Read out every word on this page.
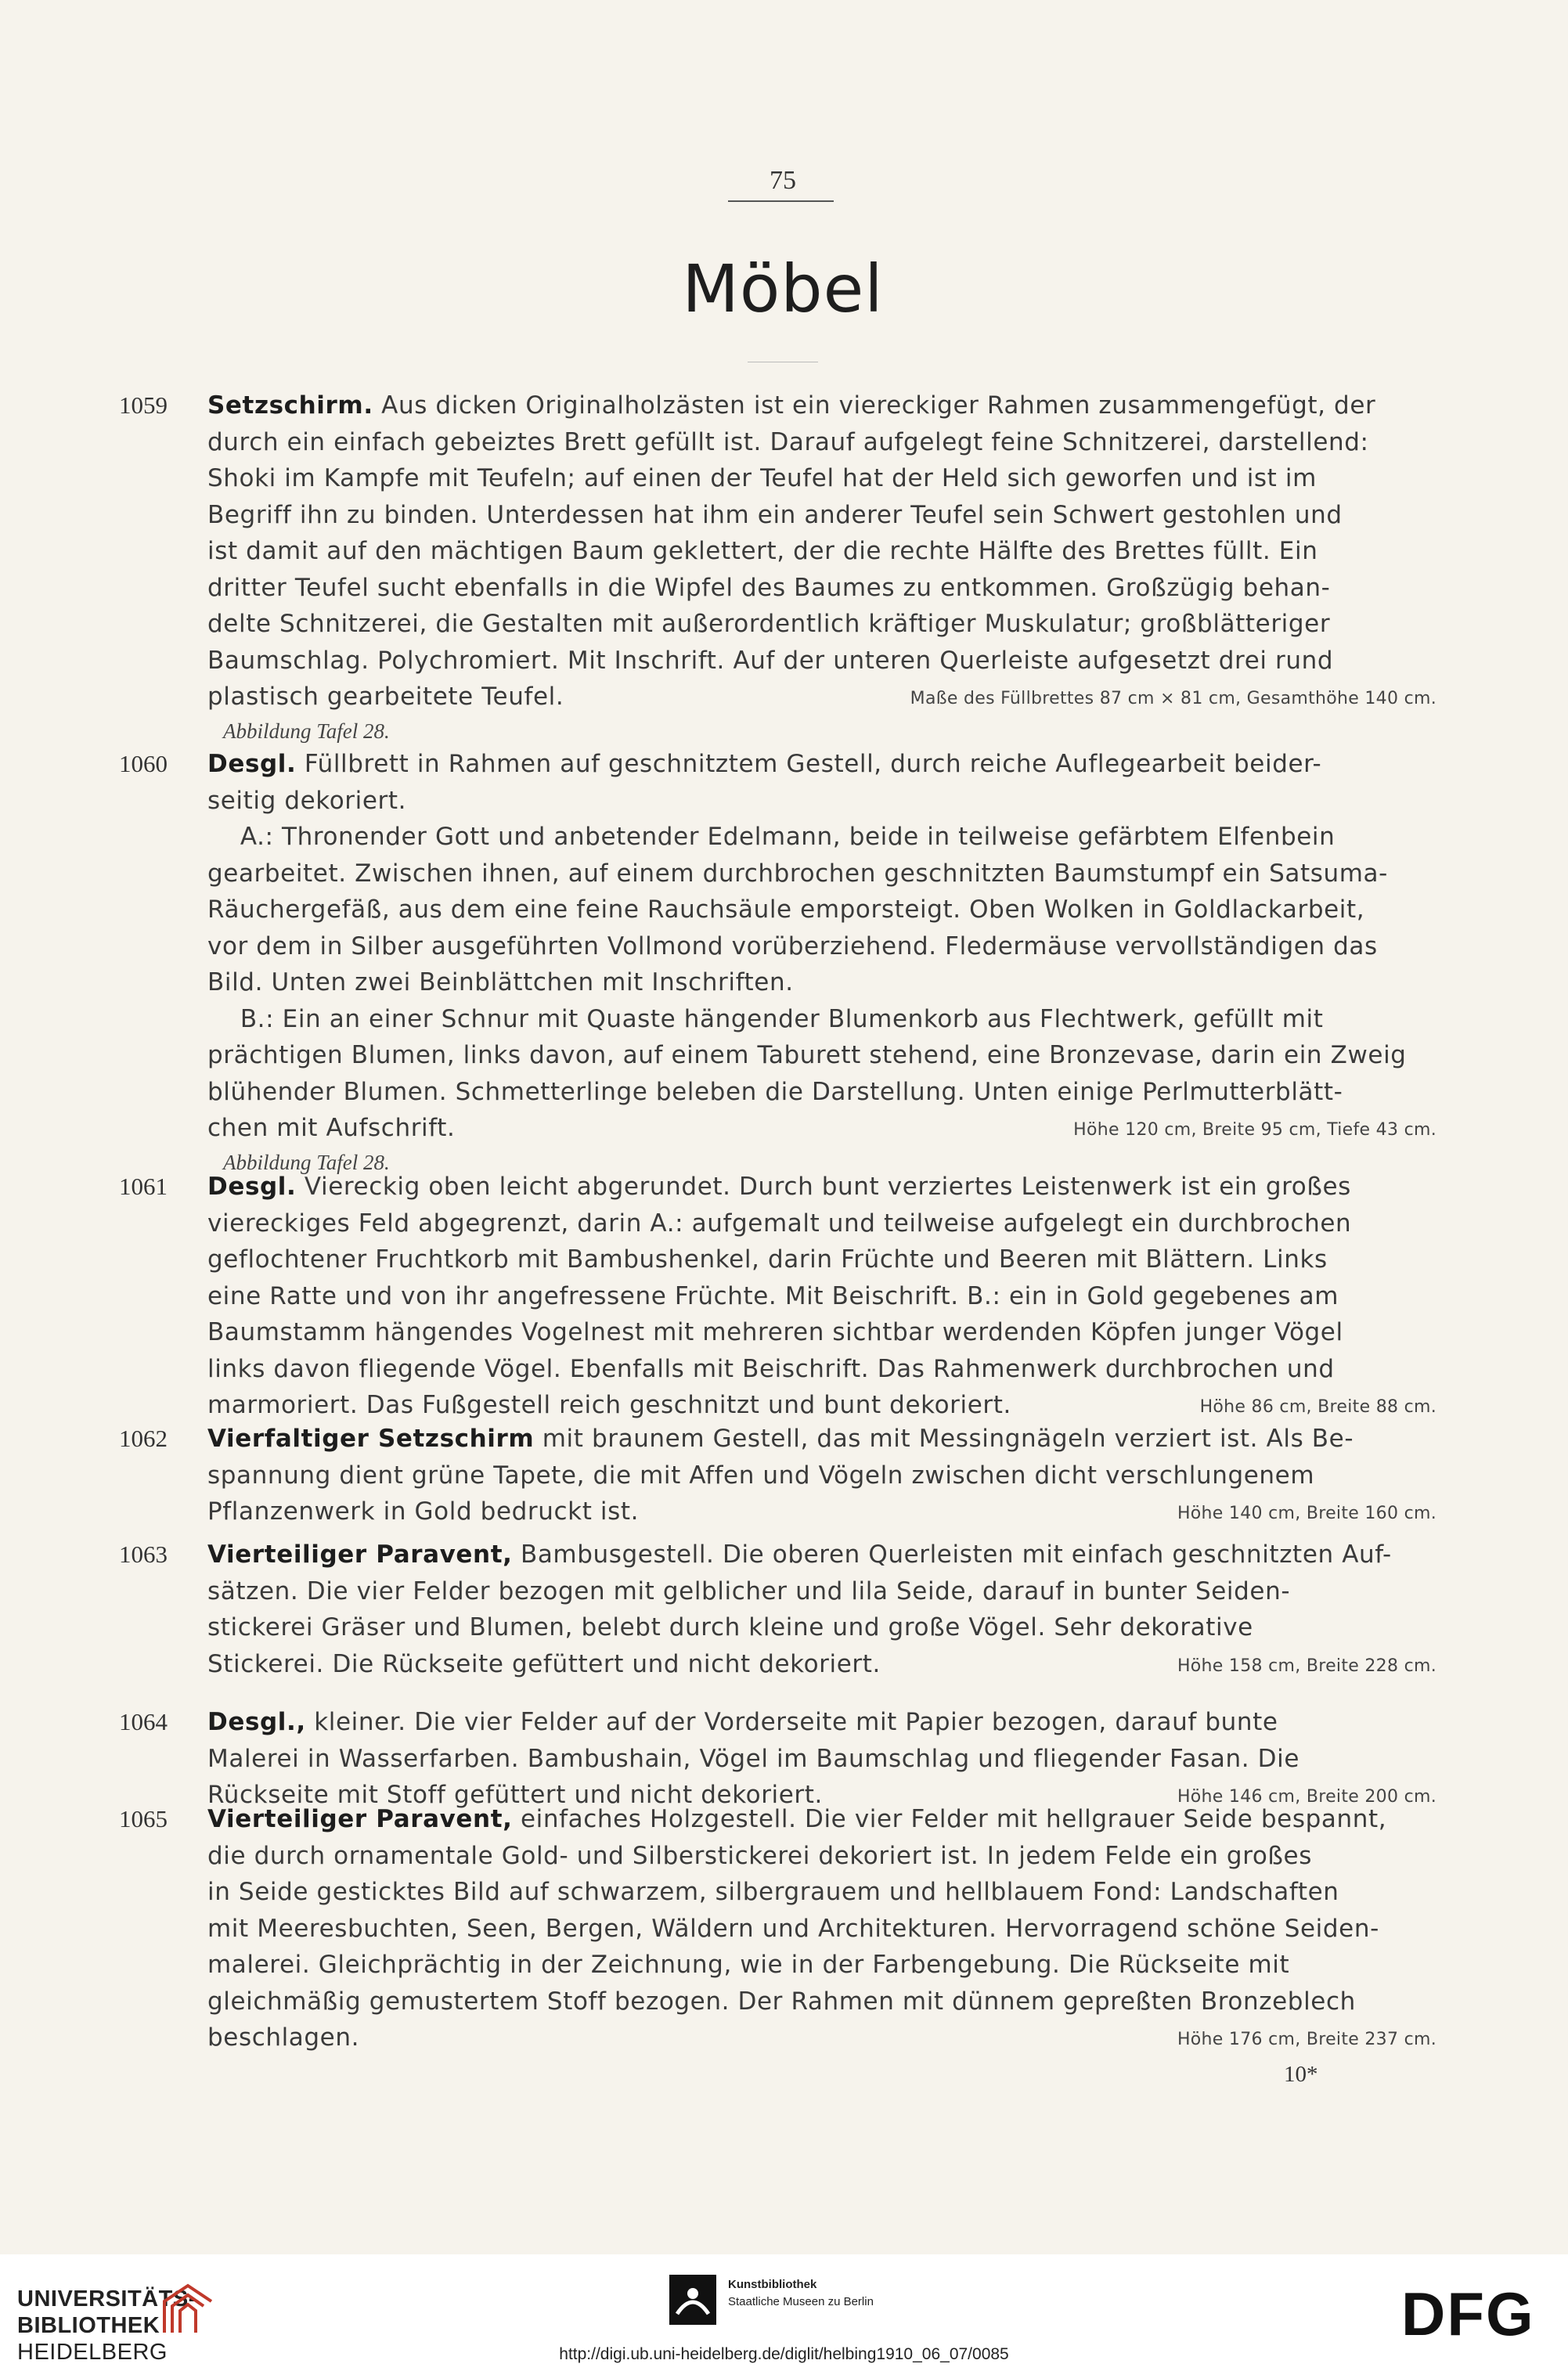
75
Möbel
1059	Setzschirm. Aus dicken Originalholzästen ist ein viereckiger Rahmen zusammengefügt, der
durch ein einfach gebeiztes Brett gefüllt ist. Darauf aufgelegt feine Schnitzerei, darstellend:
Shoki im Kampfe mit Teufeln; auf einen der Teufel hat der Held sich geworfen und ist im
Begriff ihn zu binden. Unterdessen hat ihm ein anderer Teufel sein Schwert gestohlen und
ist damit auf den mächtigen Baum geklettert, der die rechte Hälfte des Brettes füllt. Ein
dritter Teufel sucht ebenfalls in die Wipfel des Baumes zu entkommen. Großzügig behan-
delte Schnitzerei, die Gestalten mit außerordentlich kräftiger Muskulatur; großblätteriger
Baumschlag. Polychromiert. Mit Inschrift. Auf der unteren Querleiste aufgesetzt drei rund
plastisch gearbeitete Teufel.	Maße des Füllbrettes 87 cm × 81 cm, Gesamthöhe 140 cm.
Abbildung Tafel 28.
1060	Desgl. Füllbrett in Rahmen auf geschnitztem Gestell, durch reiche Auflegearbeit beider-
seitig dekoriert.
A.: Thronender Gott und anbetender Edelmann, beide in teilweise gefärbtem Elfenbein
gearbeitet. Zwischen ihnen, auf einem durchbrochen geschnitzten Baumstumpf ein Satsuma-
Räuchergefäß, aus dem eine feine Rauchsäule emporsteigt. Oben Wolken in Goldlackarbeit,
vor dem in Silber ausgeführten Vollmond vorüberziehend. Fledermäuse vervollständigen das
Bild. Unten zwei Beinblättchen mit Inschriften.
B.: Ein an einer Schnur mit Quaste hängender Blumenkorb aus Flechtwerk, gefüllt mit
prächtigen Blumen, links davon, auf einem Taburett stehend, eine Bronzevase, darin ein Zweig
blühender Blumen. Schmetterlinge beleben die Darstellung. Unten einige Perlmutterblätt-
chen mit Aufschrift.	Höhe 120 cm, Breite 95 cm, Tiefe 43 cm.
Abbildung Tafel 28.
1061	Desgl. Viereckig oben leicht abgerundet. Durch bunt verziertes Leistenwerk ist ein großes
viereckiges Feld abgegrenzt, darin A.: aufgemalt und teilweise aufgelegt ein durchbrochen
geflochtener Fruchtkorb mit Bambushenkel, darin Früchte und Beeren mit Blättern. Links
eine Ratte und von ihr angefressene Früchte. Mit Beischrift. B.: ein in Gold gegebenes am
Baumstamm hängendes Vogelnest mit mehreren sichtbar werdenden Köpfen junger Vögel
links davon fliegende Vögel. Ebenfalls mit Beischrift. Das Rahmenwerk durchbrochen und
marmoriert. Das Fußgestell reich geschnitzt und bunt dekoriert.	Höhe 86 cm, Breite 88 cm.
1062	Vierfaltiger Setzschirm mit braunem Gestell, das mit Messingnägeln verziert ist. Als Be-
spannung dient grüne Tapete, die mit Affen und Vögeln zwischen dicht verschlungenem
Pflanzenwerk in Gold bedruckt ist.	Höhe 140 cm, Breite 160 cm.
1063	Vierteiliger Paravent, Bambusgestell. Die oberen Querleisten mit einfach geschnitzten Auf-
sätzen. Die vier Felder bezogen mit gelblicher und lila Seide, darauf in bunter Seiden-
stickerei Gräser und Blumen, belebt durch kleine und große Vögel. Sehr dekorative
Stickerei. Die Rückseite gefüttert und nicht dekoriert.	Höhe 158 cm, Breite 228 cm.
1064	Desgl., kleiner. Die vier Felder auf der Vorderseite mit Papier bezogen, darauf bunte
Malerei in Wasserfarben. Bambushain, Vögel im Baumschlag und fliegender Fasan. Die
Rückseite mit Stoff gefüttert und nicht dekoriert.	Höhe 146 cm, Breite 200 cm.
1065	Vierteiliger Paravent, einfaches Holzgestell. Die vier Felder mit hellgrauer Seide bespannt,
die durch ornamentale Gold- und Silberstickerei dekoriert ist. In jedem Felde ein großes
in Seide gesticktes Bild auf schwarzem, silbergrauem und hellblauem Fond: Landschaften
mit Meeresbuchten, Seen, Bergen, Wäldern und Architekturen. Hervorragend schöne Seiden-
malerei. Gleichprächtig in der Zeichnung, wie in der Farbengebung. Die Rückseite mit
gleichmäßig gemustertem Stoff bezogen. Der Rahmen mit dünnem gepreßten Bronzeblech
beschlagen.	Höhe 176 cm, Breite 237 cm.
10*
UNIVERSITÄTS-
BIBLIOTHEK
HEIDELBERG
Kunstbibliothek
Staatliche Museen zu Berlin	DFG
http://digi.ub.uni-heidelberg.de/diglit/helbing1910_06_07/0085
